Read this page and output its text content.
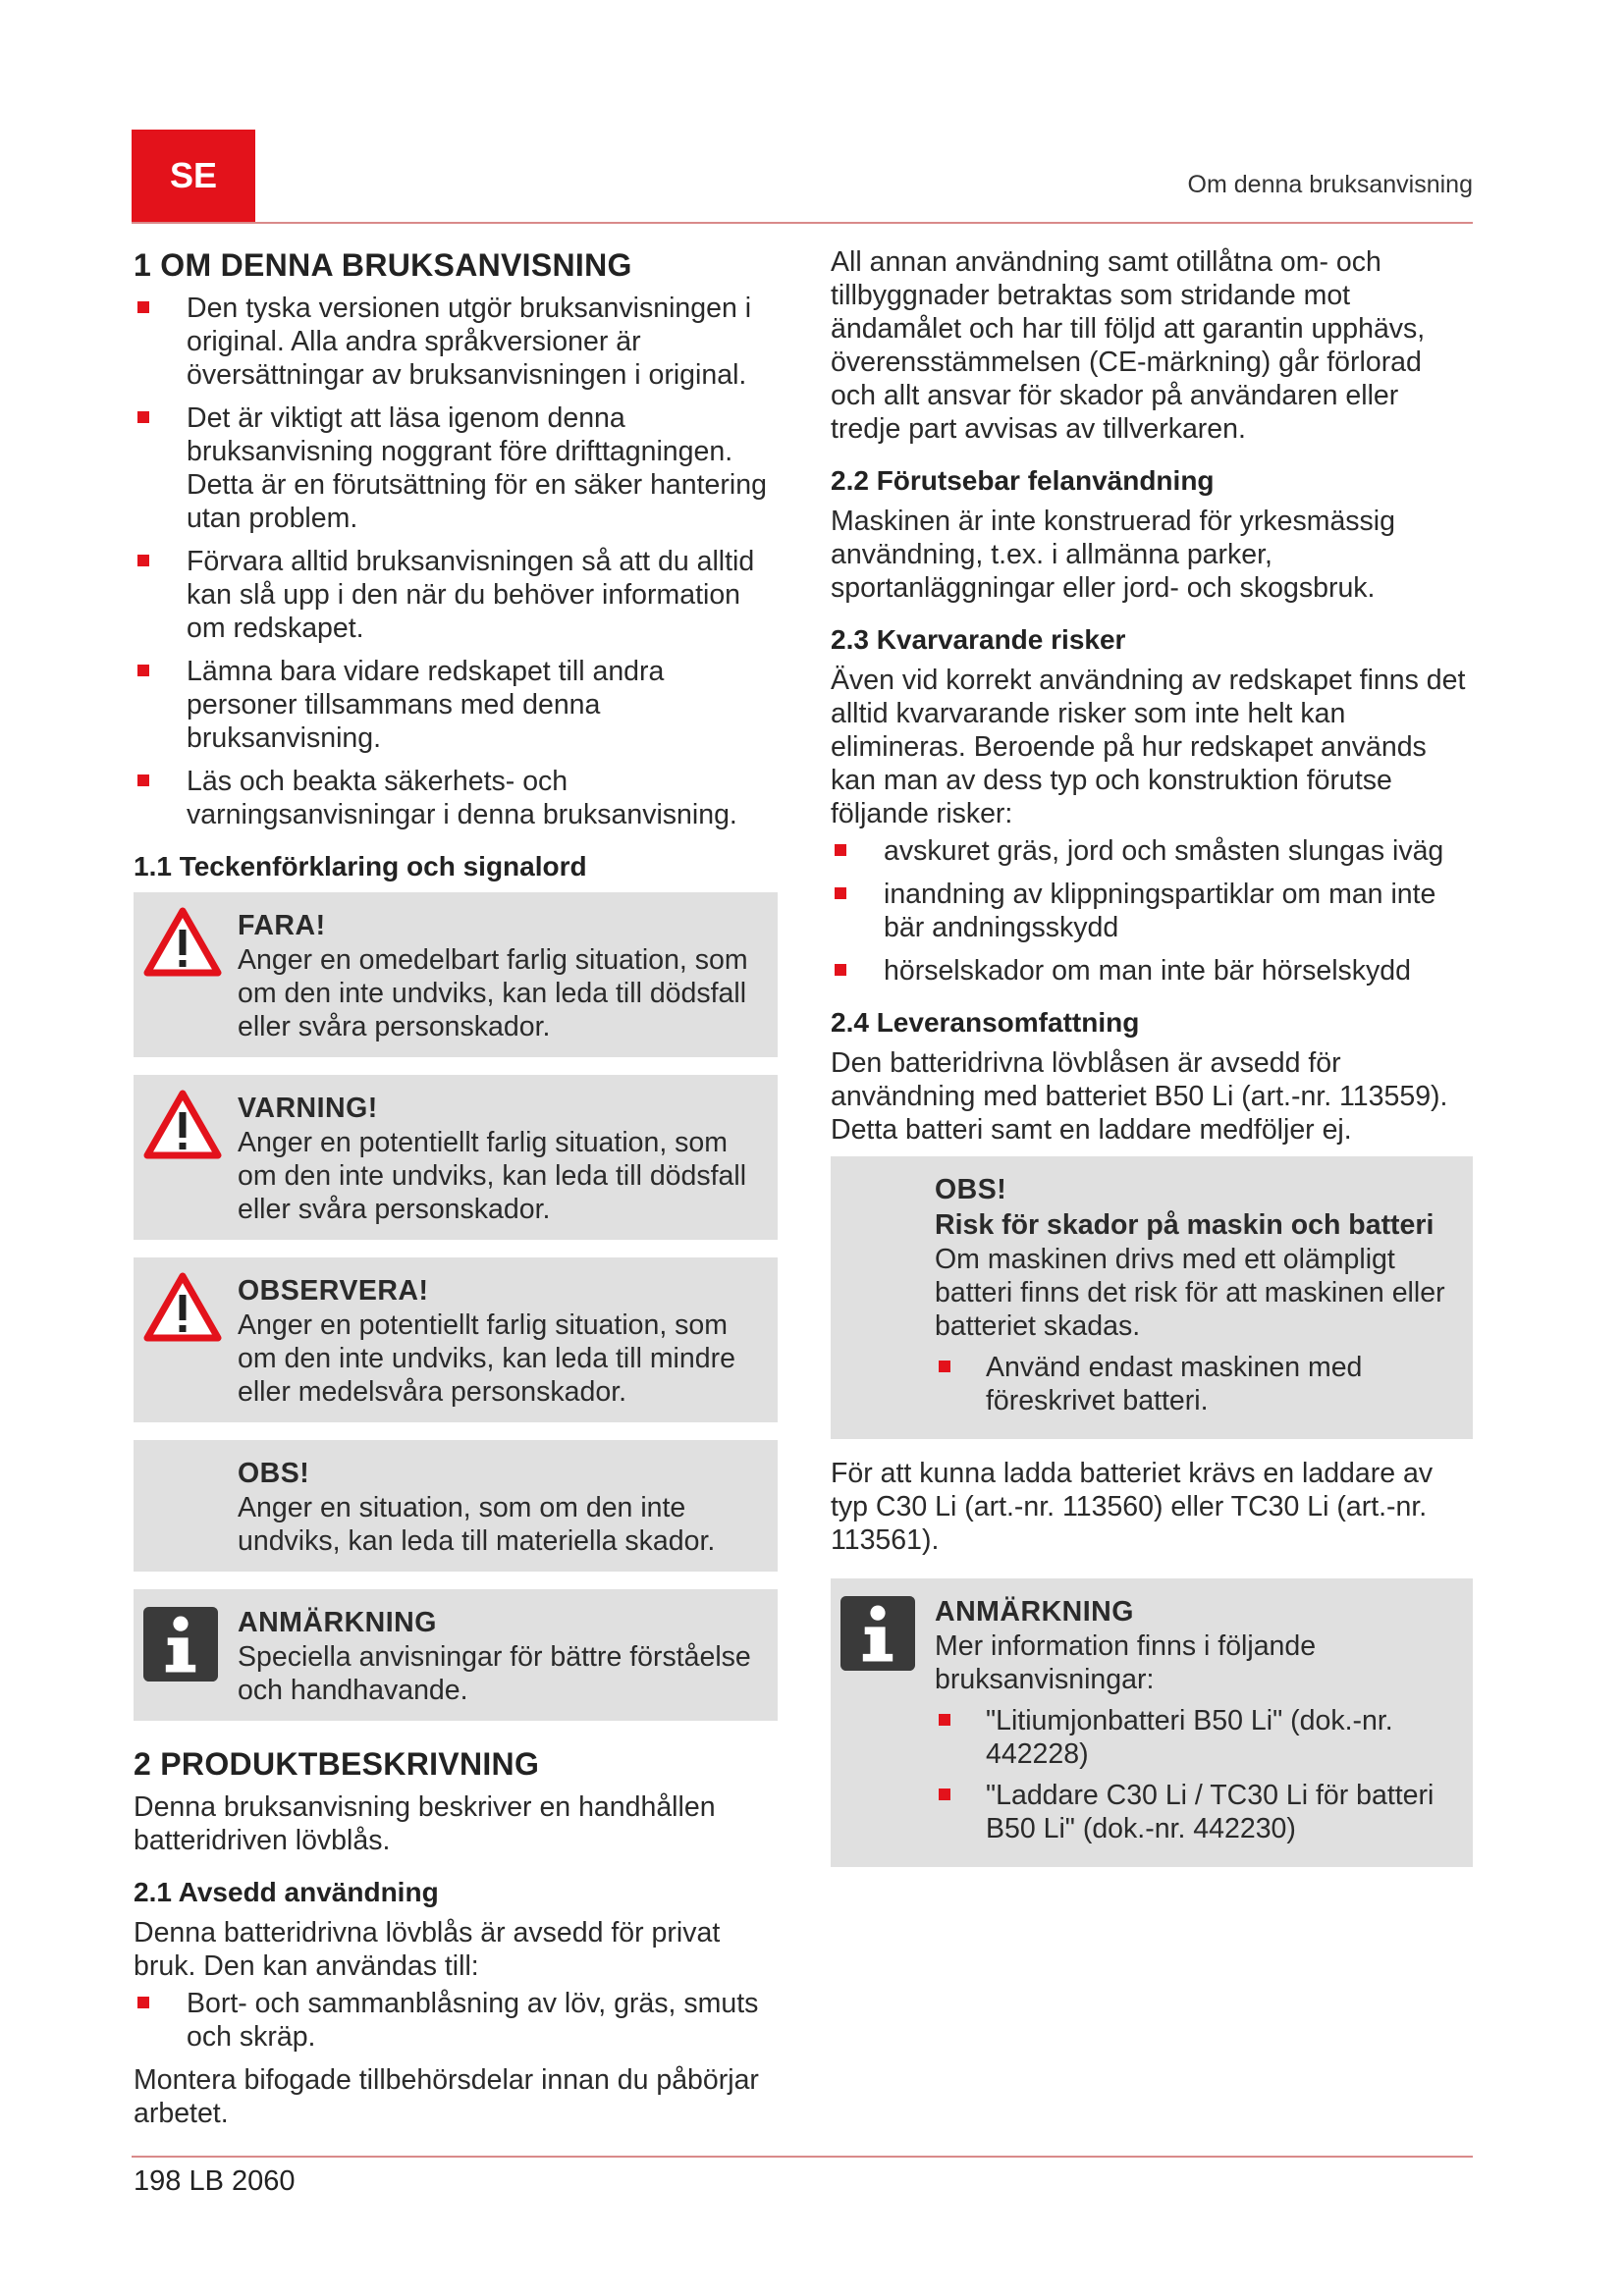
SE	Om denna bruksanvisning
1 OM DENNA BRUKSANVISNING
Den tyska versionen utgör bruksanvisningen i original. Alla andra språkversioner är översättningar av bruksanvisningen i original.
Det är viktigt att läsa igenom denna bruksanvisning noggrant före drifttagningen. Detta är en förutsättning för en säker hantering utan problem.
Förvara alltid bruksanvisningen så att du alltid kan slå upp i den när du behöver information om redskapet.
Lämna bara vidare redskapet till andra personer tillsammans med denna bruksanvisning.
Läs och beakta säkerhets- och varningsanvisningar i denna bruksanvisning.
1.1 Teckenförklaring och signalord
FARA!
Anger en omedelbart farlig situation, som om den inte undviks, kan leda till dödsfall eller svåra personskador.
VARNING!
Anger en potentiellt farlig situation, som om den inte undviks, kan leda till dödsfall eller svåra personskador.
OBSERVERA!
Anger en potentiellt farlig situation, som om den inte undviks, kan leda till mindre eller medelsvåra personskador.
OBS!
Anger en situation, som om den inte undviks, kan leda till materiella skador.
ANMÄRKNING
Speciella anvisningar för bättre förståelse och handhavande.
2 PRODUKTBESKRIVNING

Denna bruksanvisning beskriver en handhållen batteridriven lövblås.

2.1 Avsedd användning

Denna batteridrivna lövblås är avsedd för privat bruk. Den kan användas till:

Bort- och sammanblåsning av löv, gräs, smuts och skräp.

Montera bifogade tillbehörsdelar innan du påbörjar arbetet.

All annan användning samt otillåtna om- och tillbyggnader betraktas som stridande mot ändamålet och har till följd att garantin upphävs, överensstämmelsen (CE-märkning) går förlorad och allt ansvar för skador på användaren eller tredje part avvisas av tillverkaren.

2.2 Förutsebar felanvändning

Maskinen är inte konstruerad för yrkesmässig användning, t.ex. i allmänna parker, sportanläggningar eller jord- och skogsbruk.

2.3 Kvarvarande risker

Även vid korrekt användning av redskapet finns det alltid kvarvarande risker som inte helt kan elimineras. Beroende på hur redskapet används kan man av dess typ och konstruktion förutse följande risker:

avskuret gräs, jord och småsten slungas iväg
inandning av klippningspartiklar om man inte bär andningsskydd
hörselskador om man inte bär hörselskydd
2.4 Leveransomfattning

Den batteridrivna lövblåsen är avsedd för användning med batteriet B50 Li (art.-nr. 113559). Detta batteri samt en laddare medföljer ej.

OBS!
Risk för skador på maskin och batteri
Om maskinen drivs med ett olämpligt batteri finns det risk för att maskinen eller batteriet skadas.
Använd endast maskinen med föreskrivet batteri.

För att kunna ladda batteriet krävs en laddare av typ C30 Li (art.-nr. 113560) eller TC30 Li (art.-nr. 113561).

ANMÄRKNING
Mer information finns i följande bruksanvisningar:
"Litiumjonbatteri B50 Li" (dok.-nr. 442228)
"Laddare C30 Li / TC30 Li för batteri B50 Li" (dok.-nr. 442230)
198 LB 2060
